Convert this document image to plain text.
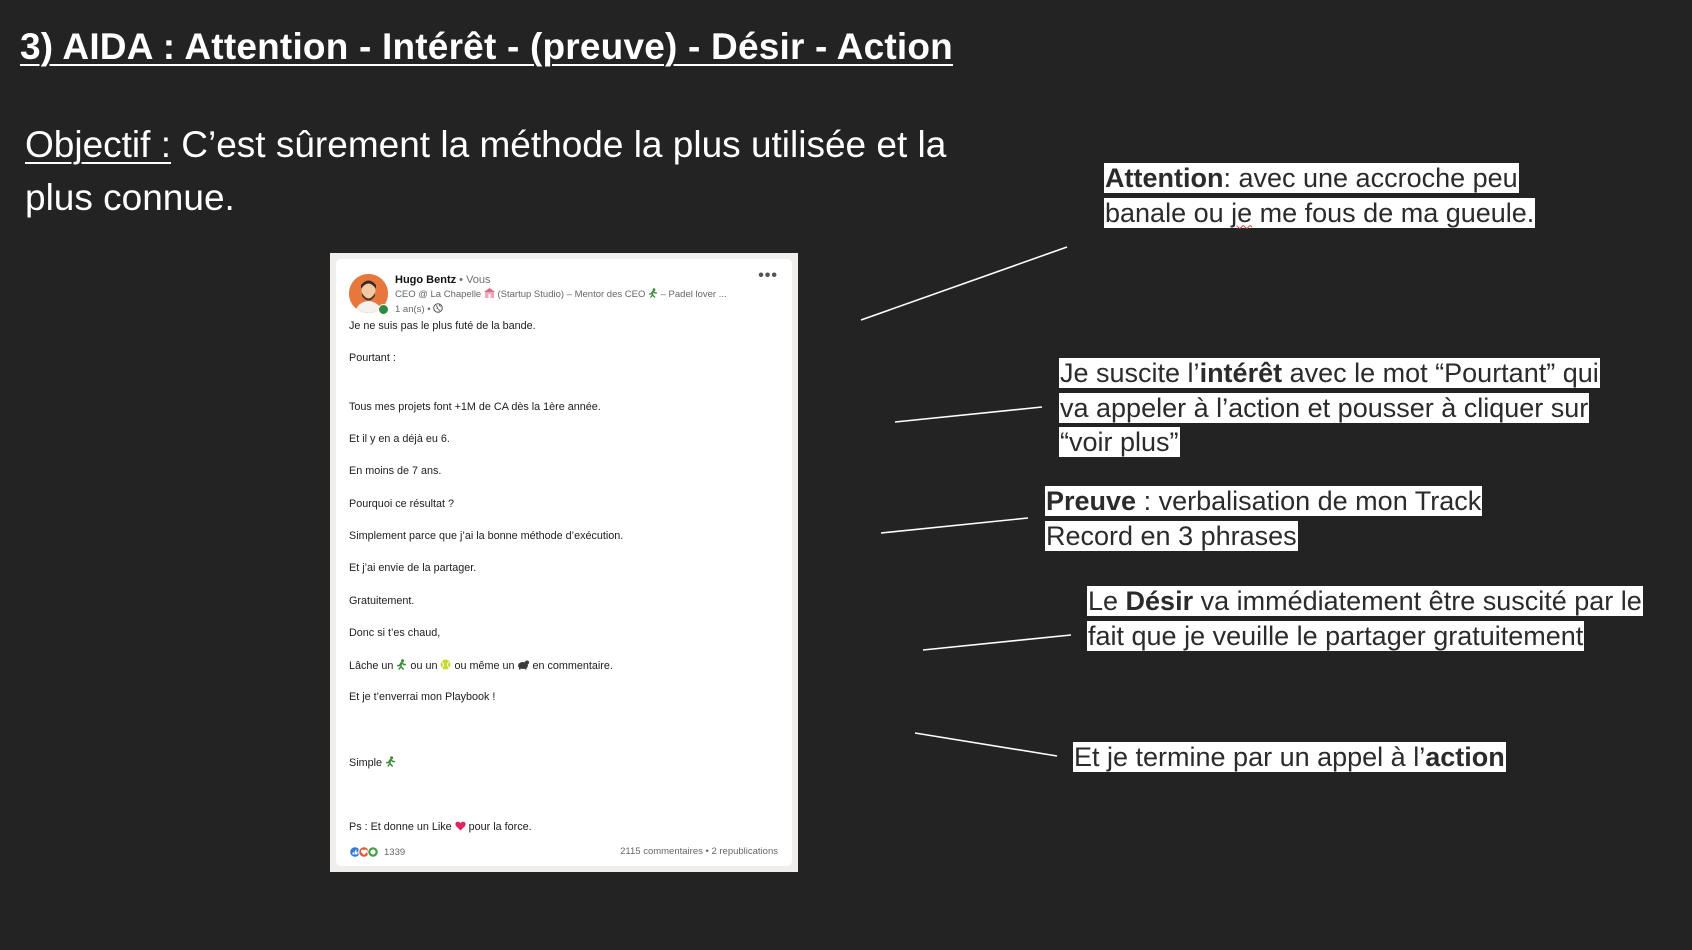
3) AIDA : Attention - Intérêt - (preuve) - Désir - Action
Objectif : C’est sûrement la méthode la plus utilisée et la plus connue.
Hugo Bentz • Vous
CEO @ La Chapelle  (Startup Studio) – Mentor des CEO  – Padel lover ...
1 an(s) •
•••
Je ne suis pas le plus futé de la bande.
Pourtant :
Tous mes projets font +1M de CA dès la 1ère année.
Et il y en a déjà eu 6.
En moins de 7 ans.
Pourquoi ce résultat ?
Simplement parce que j’ai la bonne méthode d’exécution.
Et j’ai envie de la partager.
Gratuitement.
Donc si t’es chaud,
Lâche un  ou un  ou même un  en commentaire.
Et je t’enverrai mon Playbook !
Simple
Ps : Et donne un Like  pour la force.
1339	2115 commentaires • 2 republications

Attention: avec une accroche peu banale ou je me fous de ma gueule.

Je suscite l’intérêt avec le mot “Pourtant” qui va appeler à l’action et pousser à cliquer sur “voir plus”

Preuve : verbalisation de mon Track Record en 3 phrases

Le Désir va immédiatement être suscité par le fait que je veuille le partager gratuitement

Et je termine par un appel à l’action
